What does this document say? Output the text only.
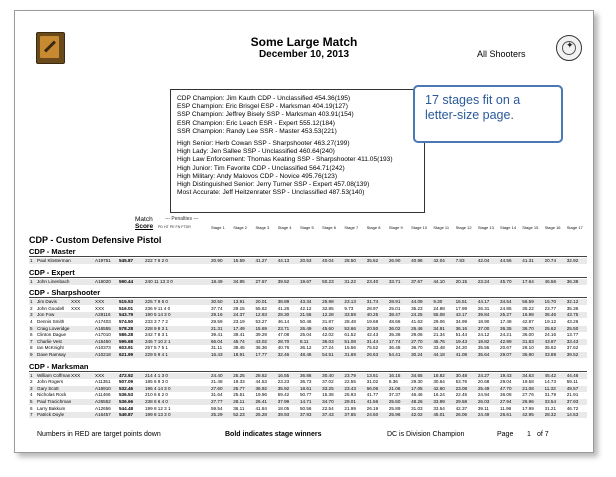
✦
Some Large Match
December 10, 2013	All Shooters
CDP Champion: Jim Kauth CDP - Unclassified 454.36(195)
ESP Champion: Eric Brisgel ESP - Marksman 404.19(127)
SSP Champion: Jeffrey Bisely SSP - Marksman 403.91(154)
ESR Champion: Eric Leach ESR - Expert 555.12(184)
SSR Champion: Randy Lee SSR - Master 453.53(221)
High Senior: Herb Cowan SSP - Sharpshooter 463.27(199)
High Lady: Jen Sallee SSP - Unclassified 460.64(240)
High Law Enforcement: Thomas Keating SSP - Sharpshooter 411.05(193)
High Junior: Tim Favorite CDP - Unclassified 564.71(242)
High Military: Andy Malovos CDP - Novice 495.76(123)
High Distinguished Senior: Jerry Turner SSP - Expert 457.08(139)
Most Accurate: Jeff Heitzenrater SSP - Unclassified 487.53(140)
17 stages fit on a letter-size page.
Match
Score
--- Penalties ---
PD HT PE FN FTDR	Stage 1	Stage 2	Stage 3	Stage 4	Stage 5	Stage 6	Stage 7	Stage 8	Stage 9	Stage 10	Stage 11	Stage 12	Stage 13	Stage 14	Stage 15	Stage 16	Stage 17
CDP - Custom Defensive Pistol
CDP - Master
1 Paul Klosterman	A19751 545.87	222 7 6 2 0	20.90	15.59	41.27	44.13	20.53	40.04	28.50	35.62	26.90	40.96	42.04	7.83	42.04	44.56	41.31	20.74	32.92
CDP - Expert
1 John Linenbach	A16020 590.44	240 11 13 3 0	18.49	34.95	27.67	39.52	19.67	50.23	31.22	23.40	33.71	37.67	44.10	20.15	23.24	45.70	17.64	46.56	36.38
CDP - Sharpshooter
1 Jim Davis	XXX	XXX	515.53	225 7 9 5 0	30.50	13.91	20.01	38.89	43.34	25.98	23.13	31.74	28.91	44.09	9.30	16.51	44.17	34.54	56.59	15.70	32.12
2 John Goodell	XXX	XXX	516.01	236 9 11 4 0	37.74	29.15	55.62	41.26	42.12	32.85	9.73	28.97	25.01	35.23	24.88	17.99	26.31	24.85	35.22	23.77	35.36
3 Jon Fow	A28116 543.79	190 5 14 3 0	29.16	24.37	12.93	28.30	21.55	12.28	33.59	40.25	38.47	24.25	55.08	43.17	39.84	25.27	16.98	36.46	43.75
4 Dennis Smith	A17403 574.50	233 3 7 7 2	29.59	23.19	53.27	46.14	50.46	31.87	28.48	19.68	48.66	41.63	29.06	34.99	18.90	17.48	42.87	19.12	43.26
5 Craig Loveridge	A16555 578.28	228 9 8 3 1	21.31	17.49	15.69	23.71	26.49	45.60	53.66	20.50	36.02	26.46	34.91	36.16	37.00	36.35	36.70	25.62	25.50
6 Clinton Dague	A17010 586.28	242 7 8 3 1	39.41	39.41	39.29	47.08	25.04	42.02	61.52	42.43	35.38	29.06	21.34	51.44	24.12	24.21	36.00	24.16	13.77
7 Charlie Vest	A16450 595.68	245 7 10 2 1	66.04	45.74	43.02	28.70	8.11	36.03	51.08	31.44	17.74	27.70	45.76	19.43	19.82	42.99	31.83	43.97	33.43
8 Ian McKnight	A10373 603.91	257 5 7 5 1	31.11	38.45	36.36	40.76	36.12	27.24	15.56	75.52	36.48	36.70	33.48	24.20	35.55	20.67	28.10	35.62	37.62
9 Dave Ramsay	A10218 621.99	229 5 9 4 1	16.43	18.91	17.77	32.46	48.46	54.51	31.69	26.63	54.41	30.24	44.18	41.08	35.64	29.07	36.90	33.89	39.52
CDP - Marksman
1 William Coffman XXX	XXX	472.92	214 4 1 3 0	24.40	25.25	28.62	16.55	36.86	30.40	23.79	13.61	16.15	34.65	18.82	30.48	24.27	19.43	34.63	45.42	44.46
2 John Rogers	A11351 507.09	185 6 9 3 0	21.48	19.33	44.53	23.23	36.73	37.02	22.55	31.02	8.36	29.30	30.64	53.76	20.68	29.04	19.58	14.73	59.11
3 Gary Scott	A16910 532.46	195 4 14 3 0	27.60	25.77	36.92	35.92	18.61	33.25	23.43	66.06	21.06	17.05	42.60	23.08	25.49	47.70	21.08	11.33	49.57
4 Nicholas Rock	A11466 536.53	210 6 6 2 0	31.64	25.51	19.96	59.42	50.77	15.38	25.93	41.77	37.37	46.46	16.24	22.45	24.94	36.08	27.76	31.79	21.91
5 Paul Tracichman	A26552 536.66	238 6 6 4 0	27.77	28.11	26.41	37.99	14.71	34.70	29.01	41.56	25.50	48.26	33.99	29.58	26.03	27.94	26.96	33.54	37.93
6 Larry Bakkum	A12656 544.48	199 8 12 3 1	59.54	36.11	41.84	18.05	50.56	22.54	21.99	26.19	25.89	31.03	33.54	42.37	39.11	11.96	17.99	31.21	46.72
7 Patrick Doyle	A16457 549.87	199 8 13 3 0	25.29	52.23	25.28	39.93	37.93	37.43	37.65	24.50	25.96	42.02	45.01	26.06	24.49	26.61	42.95	28.32	14.53
Numbers in RED are target points down	Bold indicates stage winners	DC is Division Champion	Page 1 of 7
